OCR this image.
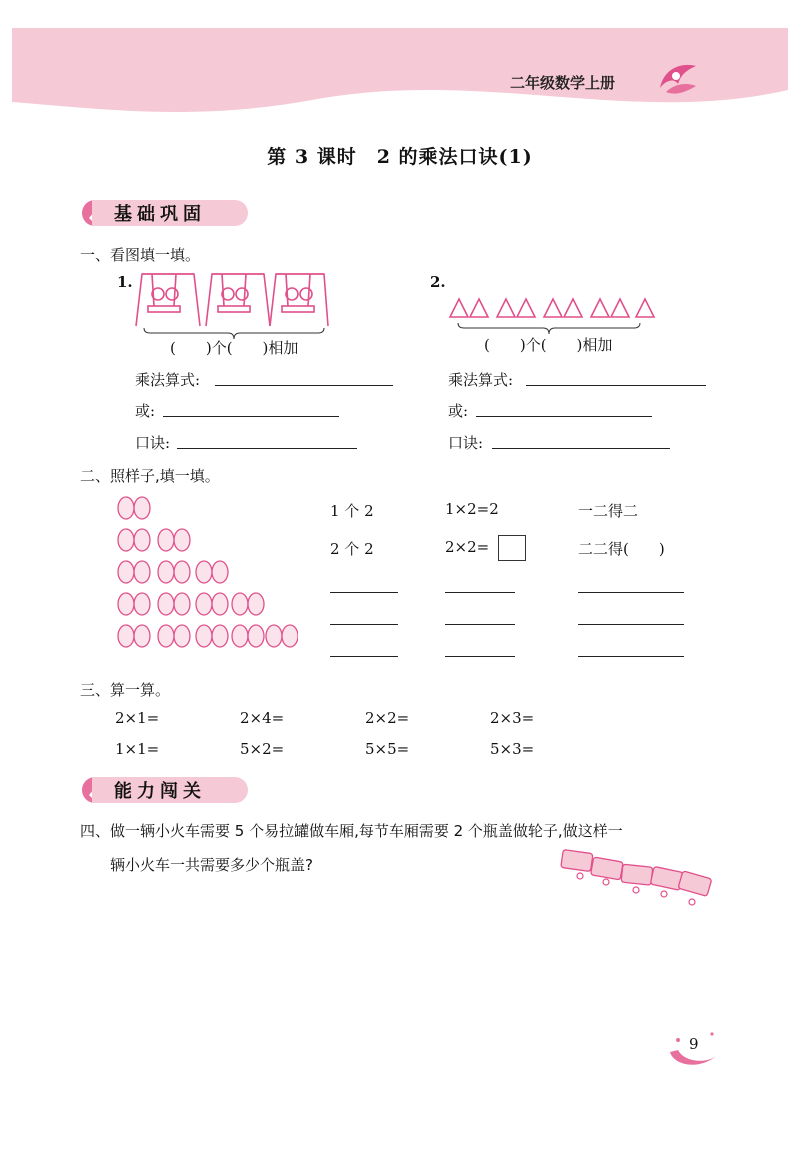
二年级数学上册
第 3 课时　2 的乘法口诀(1)
基础巩固
一、看图填一填。
1.
(　　)个(　　)相加
2.
(　　)个(　　)相加
乘法算式:
或:
口诀:
乘法算式:
或:
口诀:
二、照样子,填一填。
1 个 2	1×2=2	一二得二
2 个 2	2×2=	二二得(　　)
三、算一算。
2×1=	2×4=	2×2=	2×3=
1×1=	5×2=	5×5=	5×3=
能力闯关
四、做一辆小火车需要 5 个易拉罐做车厢,每节车厢需要 2 个瓶盖做轮子,做这样一
辆小火车一共需要多少个瓶盖?
9
